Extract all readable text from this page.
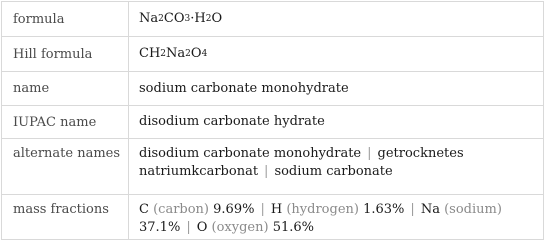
formula	Na 2 CO 3 ·H 2 O
Hill formula	CH 2 Na 2 O 4
name	sodium carbonate monohydrate
IUPAC name	disodium carbonate hydrate
alternate names	disodium carbonate monohydrate | getrocknetes natriumkcarbonat | sodium carbonate
mass fractions	C (carbon) 9.69% | H (hydrogen) 1.63% | Na (sodium) 37.1% | O (oxygen) 51.6%
